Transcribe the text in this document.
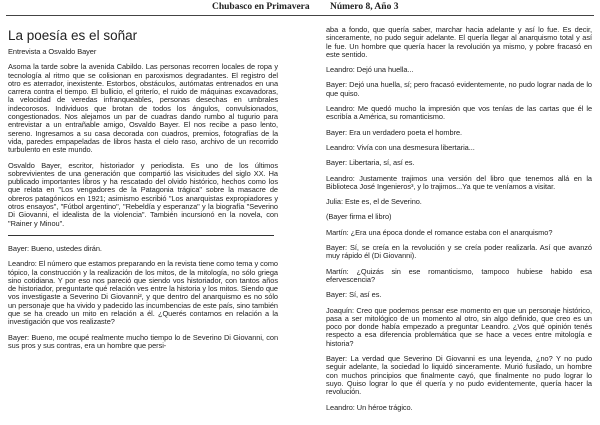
Chubasco en Primavera Número 8, Año 3
La poesía es el soñar
Entrevista a Osvaldo Bayer

Asoma la tarde sobre la avenida Cabildo. Las personas recorren locales de ropa y tecnología al ritmo que se colisionan en paroxismos degradantes. El registro del otro es aterrador, inexistente. Estorbos, obstáculos, autómatas entrenados en una carrera contra el tiempo. El bullicio, el griterío, el ruido de máquinas excavadoras, la velocidad de veredas infranqueables, personas desechas en umbrales indecorosos. Individuos que brotan de todos los ángulos, convulsionados, congestionados. Nos alejamos un par de cuadras dando rumbo al tugurio para entrevistar a un entrañable amigo, Osvaldo Bayer. El nos recibe a paso lento, sereno. Ingresamos a su casa decorada con cuadros, premios, fotografías de la vida, paredes empapeladas de libros hasta el cielo raso, archivo de un recorrido turbulento en este mundo.

Osvaldo Bayer, escritor, historiador y periodista. Es uno de los últimos sobrevivientes de una generación que compartió las visicitudes del siglo XX. Ha publicado importantes libros y ha rescatado del olvido histórico, hechos como los que relata en "Los vengadores de la Patagonia trágica" sobre la masacre de obreros patagónicos en 1921; asimismo escribió "Los anarquistas expropiadores y otros ensayos", "Fútbol argentino", "Rebeldía y esperanza" y la biografía "Severino Di Giovanni, el idealista de la violencia". También incursionó en la novela, con "Rainer y Minou".

Bayer: Bueno, ustedes dirán.

Leandro: El número que estamos preparando en la revista tiene como tema y como tópico, la construcción y la realización de los mitos, de la mitología, no sólo griega sino cotidiana. Y por eso nos pareció que siendo vos historiador, con tantos años de historiador, preguntarte qué relación ves entre la historia y los mitos. Siendo que vos investigaste a Severino Di Giovanni², y que dentro del anarquismo es no sólo un personaje que ha vivido y padecido las incumbencias de este país, sino también que se ha creado un mito en relación a él. ¿Querés contarnos en relación a la investigación que vos realizaste?

Bayer: Bueno, me ocupé realmente mucho tiempo lo de Severino Di Giovanni, con sus pros y sus contras, era un hombre que persi-

aba a fondo, que quería saber, marchar hacia adelante y así lo fue. Es decir, sinceramente, no pudo seguir adelante. El quería llegar al anarquismo total y así le fue. Un hombre que quería hacer la revolución ya mismo, y pobre fracasó en este sentido.

Leandro: Dejó una huella...

Bayer: Dejó una huella, sí; pero fracasó evidentemente, no pudo lograr nada de lo que quiso.

Leandro: Me quedó mucho la impresión que vos tenías de las cartas que él le escribía a América, su romanticismo.

Bayer: Era un verdadero poeta el hombre.

Leandro: Vivía con una desmesura libertaria...

Bayer: Libertaria, sí, así es.

Leandro: Justamente trajimos una versión del libro que tenemos allá en la Biblioteca José Ingenieros³, y lo trajimos...Ya que te veníamos a visitar.

Julia: Este es, el de Severino.

(Bayer firma el libro)

Martín: ¿Era una época donde el romance estaba con el anarquismo?

Bayer: Sí, se creía en la revolución y se creía poder realizarla. Así que avanzó muy rápido él (Di Giovanni).

Martín: ¿Quizás sin ese romanticismo, tampoco hubiese habido esa efervescencia?

Bayer: Sí, así es.

Joaquín: Creo que podemos pensar ese momento en que un personaje histórico, pasa a ser mitológico de un momento al otro, sin algo definido, que creo es un poco por donde había empezado a preguntar Leandro. ¿Vos qué opinión tenés respecto a esa diferencia problemática que se hace a veces entre mitología e historia?

Bayer: La verdad que Severino Di Giovanni es una leyenda, ¿no? Y no pudo seguir adelante, la sociedad lo liquidó sinceramente. Murió fusilado, un hombre con muchos principios que finalmente cayó, que finalmente no pudo lograr lo suyo. Quiso lograr lo que él quería y no pudo evidentemente, quería hacer la revolución.

Leandro: Un héroe trágico.
